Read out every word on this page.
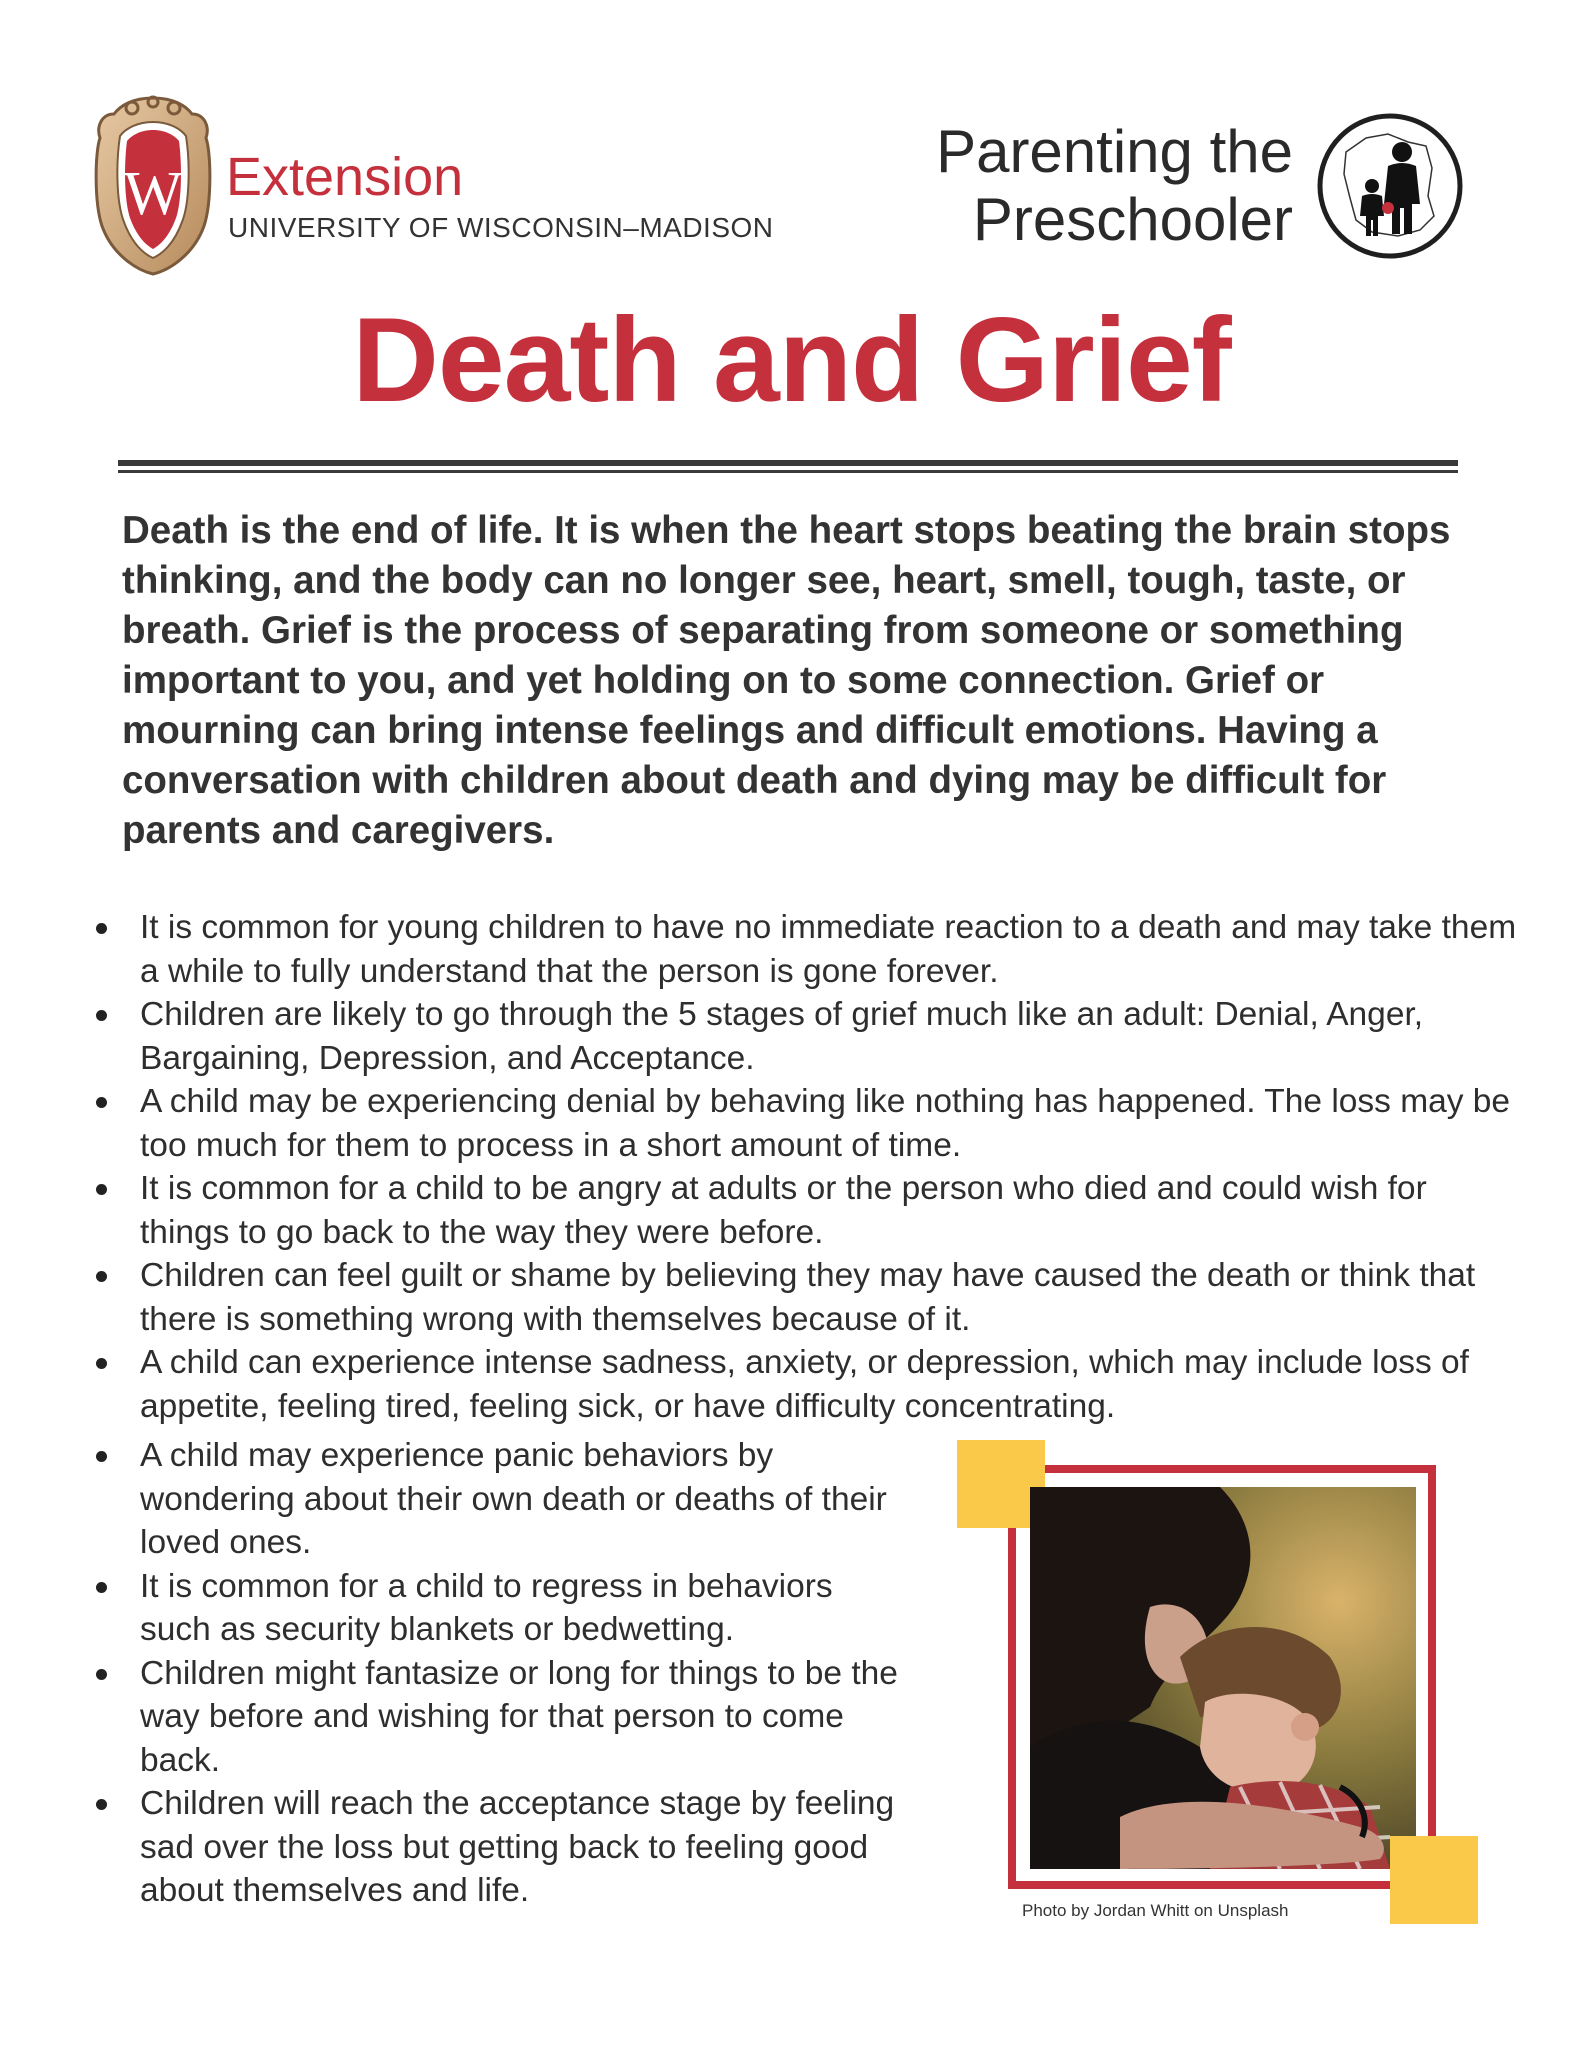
W Extension
UNIVERSITY OF WISCONSIN–MADISON
Parenting the
Preschooler
Death and Grief
Death is the end of life. It is when the heart stops beating the brain stops thinking, and the body can no longer see, heart, smell, tough, taste, or breath. Grief is the process of separating from someone or something important to you, and yet holding on to some connection. Grief or mourning can bring intense feelings and difficult emotions. Having a conversation with children about death and dying may be difficult for parents and caregivers.
It is common for young children to have no immediate reaction to a death and may take them a while to fully understand that the person is gone forever.
Children are likely to go through the 5 stages of grief much like an adult: Denial, Anger, Bargaining, Depression, and Acceptance.
A child may be experiencing denial by behaving like nothing has happened. The loss may be too much for them to process in a short amount of time.
It is common for a child to be angry at adults or the person who died and could wish for things to go back to the way they were before.
Children can feel guilt or shame by believing they may have caused the death or think that there is something wrong with themselves because of it.
A child can experience intense sadness, anxiety, or depression, which may include loss of appetite, feeling tired, feeling sick, or have difficulty concentrating.
A child may experience panic behaviors by wondering about their own death or deaths of their loved ones.
It is common for a child to regress in behaviors such as security blankets or bedwetting.
Children might fantasize or long for things to be the way before and wishing for that person to come back.
Children will reach the acceptance stage by feeling sad over the loss but getting back to feeling good about themselves and life.
Photo by Jordan Whitt on Unsplash
